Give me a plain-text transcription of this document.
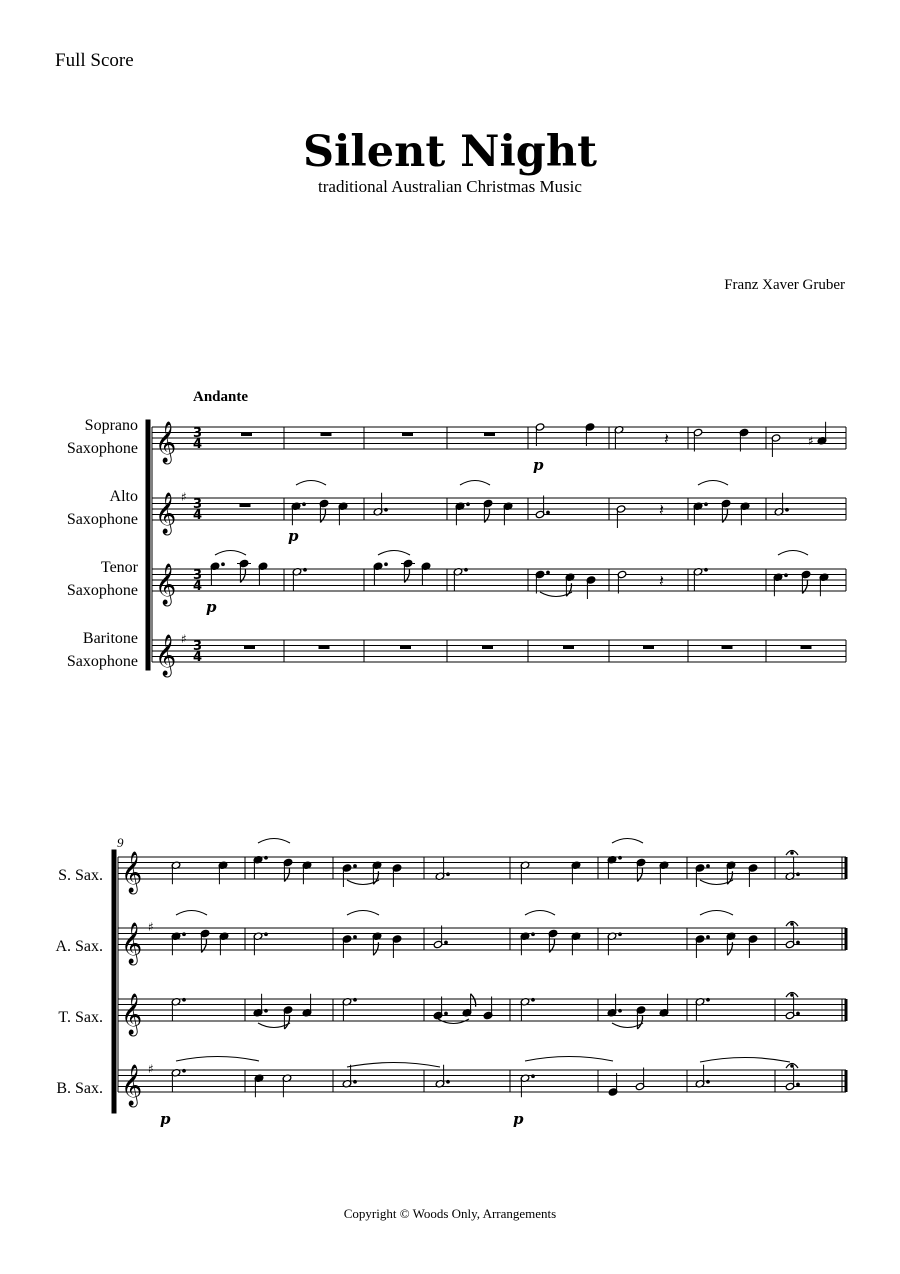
Full Score
Silent Night
traditional Australian Christmas Music
Franz Xaver Gruber
Andante
Soprano
Saxophone
Alto
Saxophone
Tenor
Saxophone
Baritone
Saxophone
S. Sax.
A. Sax.
T. Sax.
B. Sax.
9
Copyright © Woods Only, Arrangements
𝄞 3
4
𝄞 ♯ 3
4
𝄞 3
4
𝄞 ♯ 3
4
𝄽	♯
𝄽
𝄽
𝄞
𝄞 ♯
𝄞
𝄞 ♯
p
p
p
p	p
